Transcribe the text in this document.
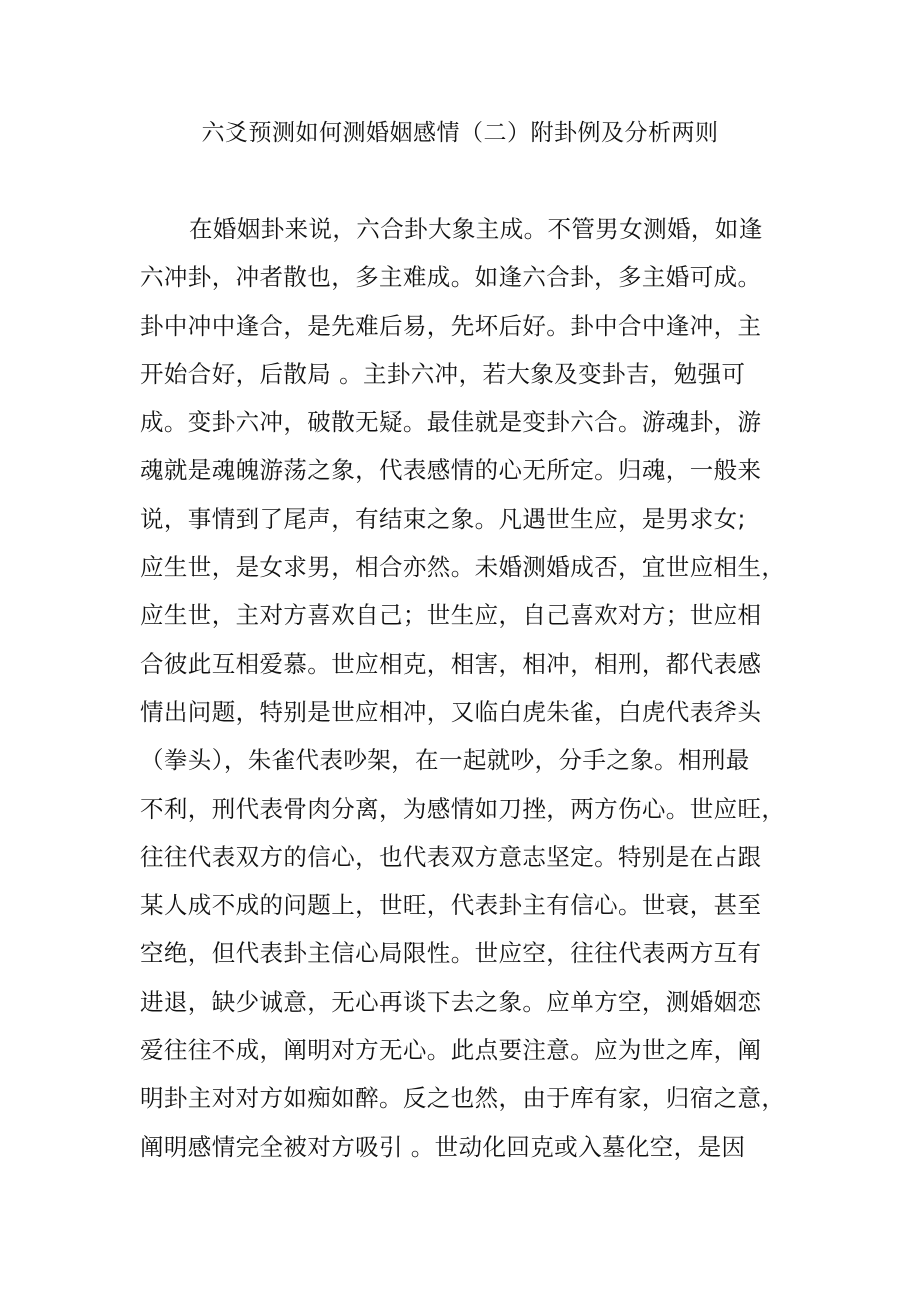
六爻预测如何测婚姻感情（二）附卦例及分析两则
在婚姻卦来说，六合卦大象主成。不管男女测婚，如逢
六冲卦，冲者散也，多主难成。如逢六合卦，多主婚可成。
卦中冲中逢合，是先难后易，先坏后好。卦中合中逢冲，主
开始合好，后散局 。主卦六冲，若大象及变卦吉，勉强可
成。变卦六冲，破散无疑。最佳就是变卦六合。游魂卦，游
魂就是魂魄游荡之象，代表感情的心无所定。归魂，一般来
说，事情到了尾声，有结束之象。凡遇世生应，是男求女;
应生世，是女求男，相合亦然。未婚测婚成否，宜世应相生，
应生世，主对方喜欢自己；世生应，自己喜欢对方；世应相
合彼此互相爱慕。世应相克，相害，相冲，相刑，都代表感
情出问题，特别是世应相冲，又临白虎朱雀，白虎代表斧头
（拳头），朱雀代表吵架，在一起就吵，分手之象。相刑最
不利，刑代表骨肉分离，为感情如刀挫，两方伤心。世应旺，
往往代表双方的信心，也代表双方意志坚定。特别是在占跟
某人成不成的问题上，世旺，代表卦主有信心。世衰，甚至
空绝，但代表卦主信心局限性。世应空，往往代表两方互有
进退，缺少诚意，无心再谈下去之象。应单方空，测婚姻恋
爱往往不成，阐明对方无心。此点要注意。应为世之库，阐
明卦主对对方如痴如醉。反之也然，由于库有家，归宿之意，
阐明感情完全被对方吸引 。世动化回克或入墓化空，是因
